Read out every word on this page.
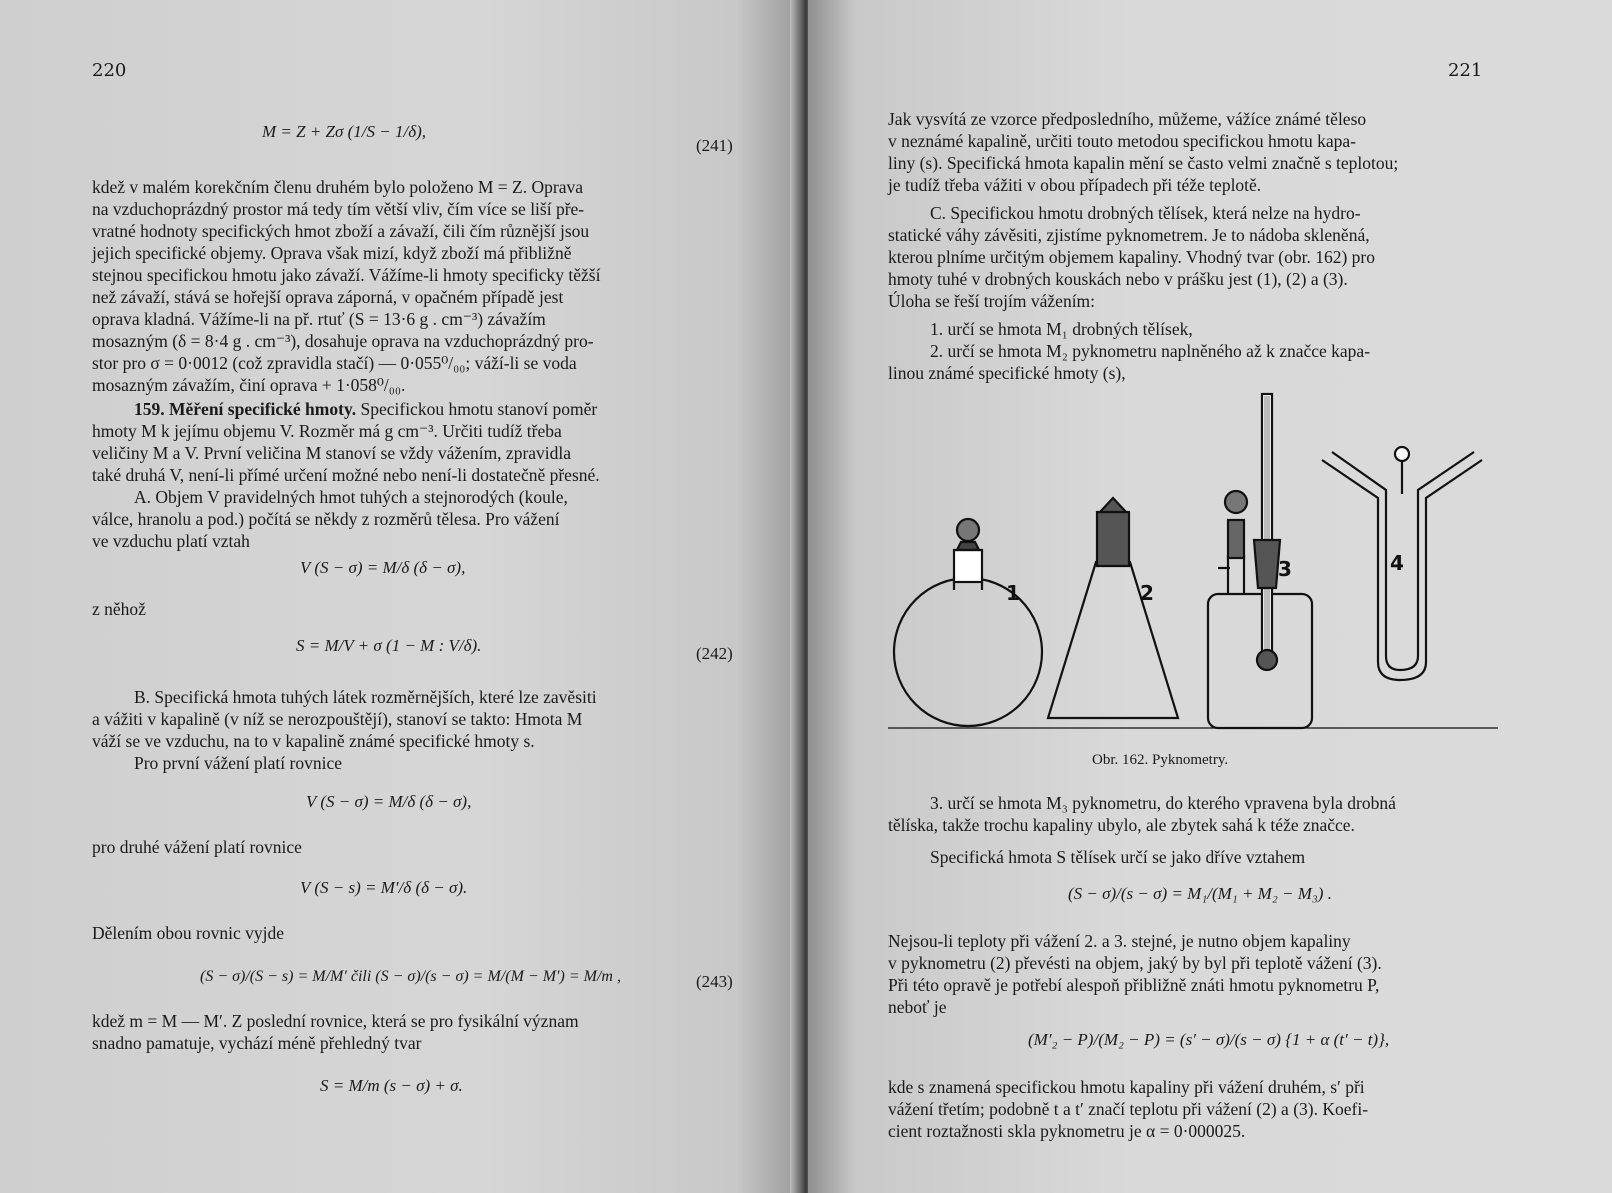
220
M = Z + Zσ (1/S − 1/δ),
(241)
kdež v malém korekčním členu druhém bylo položeno M = Z. Oprava
na vzduchoprázdný prostor má tedy tím větší vliv, čím více se liší pře-
vratné hodnoty specifických hmot zboží a závaží, čili čím různější jsou
jejich specifické objemy. Oprava však mizí, když zboží má přibližně
stejnou specifickou hmotu jako závaží. Vážíme-li hmoty specificky těžší
než závaží, stává se hořejší oprava záporná, v opačném případě jest
oprava kladná. Vážíme-li na př. rtuť (S = 13·6 g . cm⁻³) závažím
mosazným (δ = 8·4 g . cm⁻³), dosahuje oprava na vzduchoprázdný pro-
stor pro σ = 0·0012 (což zpravidla stačí) — 0·055⁰/₀₀; váží-li se voda
mosazným závažím, činí oprava + 1·058⁰/₀₀.
159. Měření specifické hmoty. Specifickou hmotu stanoví poměr
hmoty M k jejímu objemu V. Rozměr má g cm⁻³. Určiti tudíž třeba
veličiny M a V. První veličina M stanoví se vždy vážením, zpravidla
také druhá V, není-li přímé určení možné nebo není-li dostatečně přesné.
A. Objem V pravidelných hmot tuhých a stejnorodých (koule,
válce, hranolu a pod.) počítá se někdy z rozměrů tělesa. Pro vážení
ve vzduchu platí vztah
V (S − σ) = M/δ (δ − σ),
z něhož
S = M/V + σ (1 − M : V/δ).	(242)
B. Specifická hmota tuhých látek rozměrnějších, které lze zavěsiti
a vážiti v kapalině (v níž se nerozpouštějí), stanoví se takto: Hmota M
váží se ve vzduchu, na to v kapalině známé specifické hmoty s.
Pro první vážení platí rovnice
V (S − σ) = M/δ (δ − σ),
pro druhé vážení platí rovnice
V (S − s) = M′/δ (δ − σ).
Dělením obou rovnic vyjde
(S − σ)/(S − s) = M/M′ čili (S − σ)/(s − σ) = M/(M − M′) = M/m ,	(243)
kdež m = M — M′. Z poslední rovnice, která se pro fysikální význam
snadno pamatuje, vychází méně přehledný tvar
S = M/m (s − σ) + σ.
221
Jak vysvítá ze vzorce předposledního, můžeme, vážíce známé těleso
v neznámé kapalině, určiti touto metodou specifickou hmotu kapa-
liny (s). Specifická hmota kapalin mění se často velmi značně s teplotou;
je tudíž třeba vážiti v obou případech při téže teplotě.
C. Specifickou hmotu drobných tělísek, která nelze na hydro-
statické váhy závěsiti, zjistíme pyknometrem. Je to nádoba skleněná,
kterou plníme určitým objemem kapaliny. Vhodný tvar (obr. 162) pro
hmoty tuhé v drobných kouskách nebo v prášku jest (1), (2) a (3).
Úloha se řeší trojím vážením:
1. určí se hmota M₁ drobných tělísek,
2. určí se hmota M₂ pyknometru naplněného až k značce kapa-
linou známé specifické hmoty (s),
1	2
3	4
Obr. 162. Pyknometry.
3. určí se hmota M₃ pyknometru, do kterého vpravena byla drobná
tělíska, takže trochu kapaliny ubylo, ale zbytek sahá k téže značce.
Specifická hmota S tělísek určí se jako dříve vztahem
(S − σ)/(s − σ) = M₁/(M₁ + M₂ − M₃) .
Nejsou-li teploty při vážení 2. a 3. stejné, je nutno objem kapaliny
v pyknometru (2) převésti na objem, jaký by byl při teplotě vážení (3).
Při této opravě je potřebí alespoň přibližně znáti hmotu pyknometru P,
neboť je
(M′₂ − P)/(M₂ − P) = (s′ − σ)/(s − σ) {1 + α (t′ − t)},
kde s znamená specifickou hmotu kapaliny při vážení druhém, s′ při
vážení třetím; podobně t a t′ značí teplotu při vážení (2) a (3). Koefi-
cient roztažnosti skla pyknometru je α = 0·000025.
